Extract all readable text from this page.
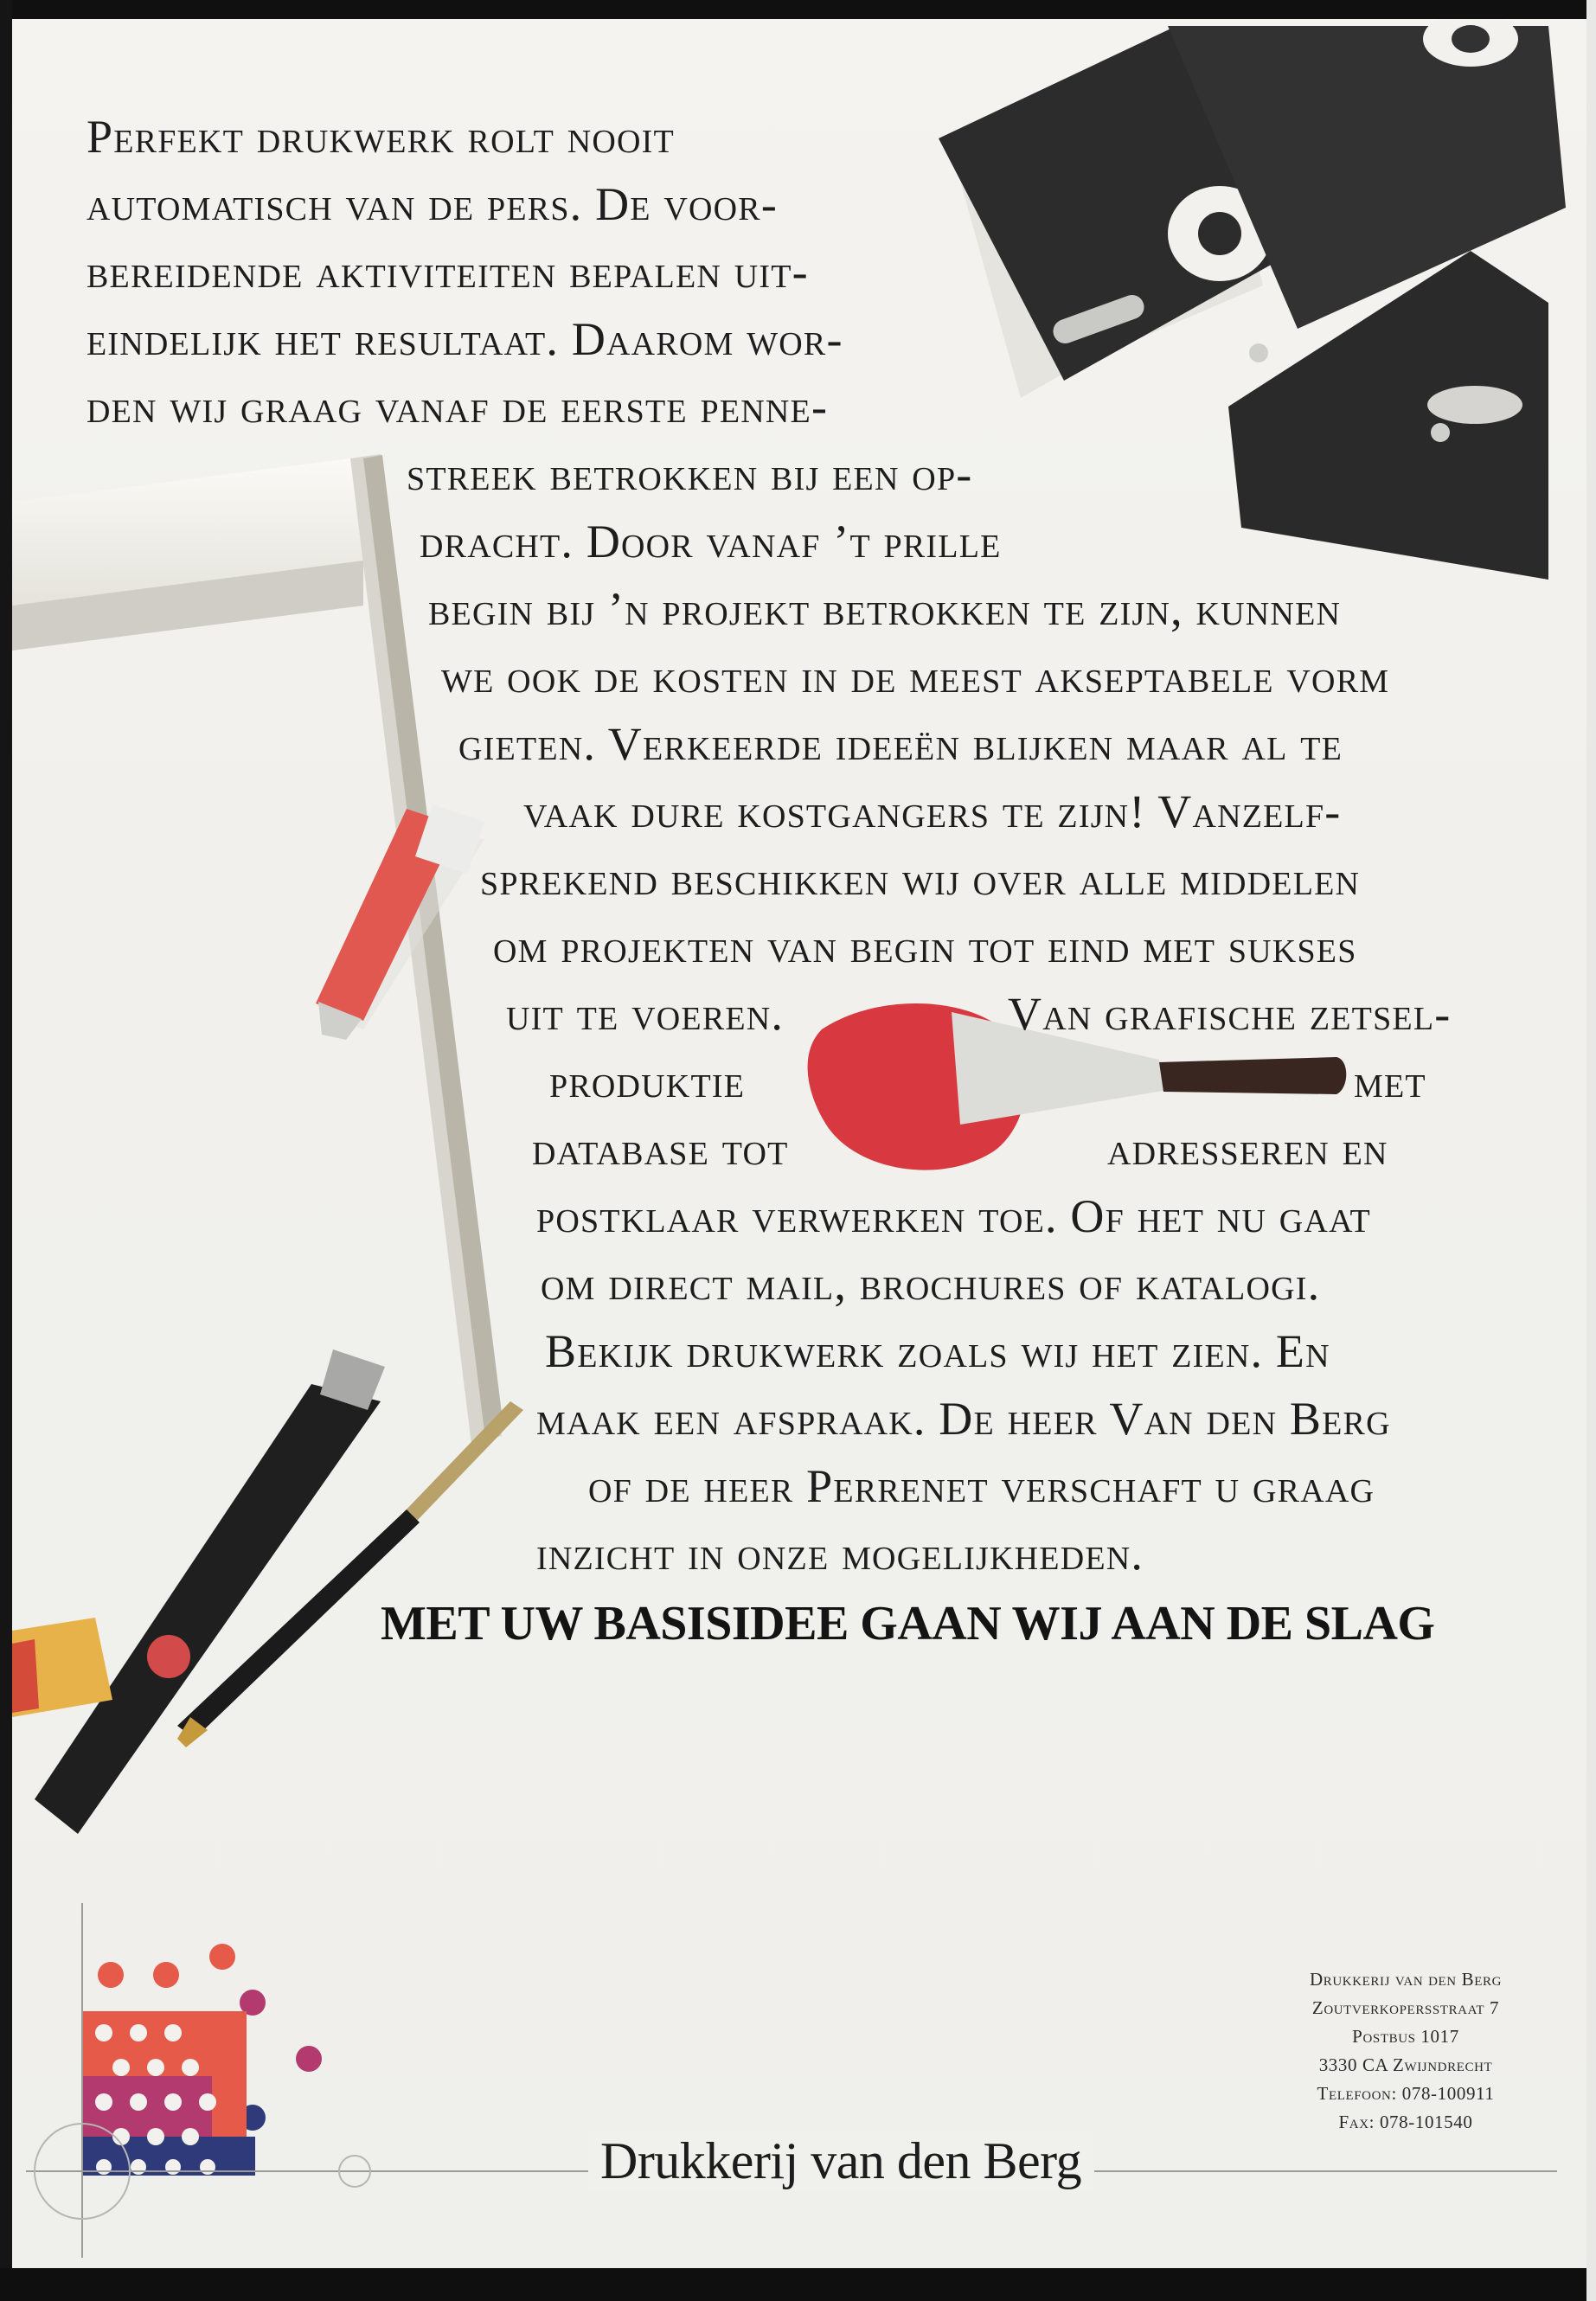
Perfekt drukwerk rolt nooit
automatisch van de pers. De voor-
bereidende aktiviteiten bepalen uit-
eindelijk het resultaat. Daarom wor-
den wij graag vanaf de eerste penne-
streek betrokken bij een op-
dracht. Door vanaf ’t prille
begin bij ’n projekt betrokken te zijn, kunnen
we ook de kosten in de meest akseptabele vorm
gieten. Verkeerde ideeën blijken maar al te
vaak dure kostgangers te zijn! Vanzelf-
sprekend beschikken wij over alle middelen
om projekten van begin tot eind met sukses
uit te voeren.	Van grafische zetsel-
produktie	met
database tot	adresseren en
postklaar verwerken toe. Of het nu gaat
om direct mail, brochures of katalogi.
Bekijk drukwerk zoals wij het zien. En
maak een afspraak. De heer Van den Berg
of de heer Perrenet verschaft u graag
inzicht in onze mogelijkheden.
MET UW BASISIDEE GAAN WIJ AAN DE SLAG
Drukkerij van den Berg
Zoutverkopersstraat 7
Postbus 1017
3330 CA Zwijndrecht
Telefoon: 078-100911
Fax: 078-101540
Drukkerij van den Berg
